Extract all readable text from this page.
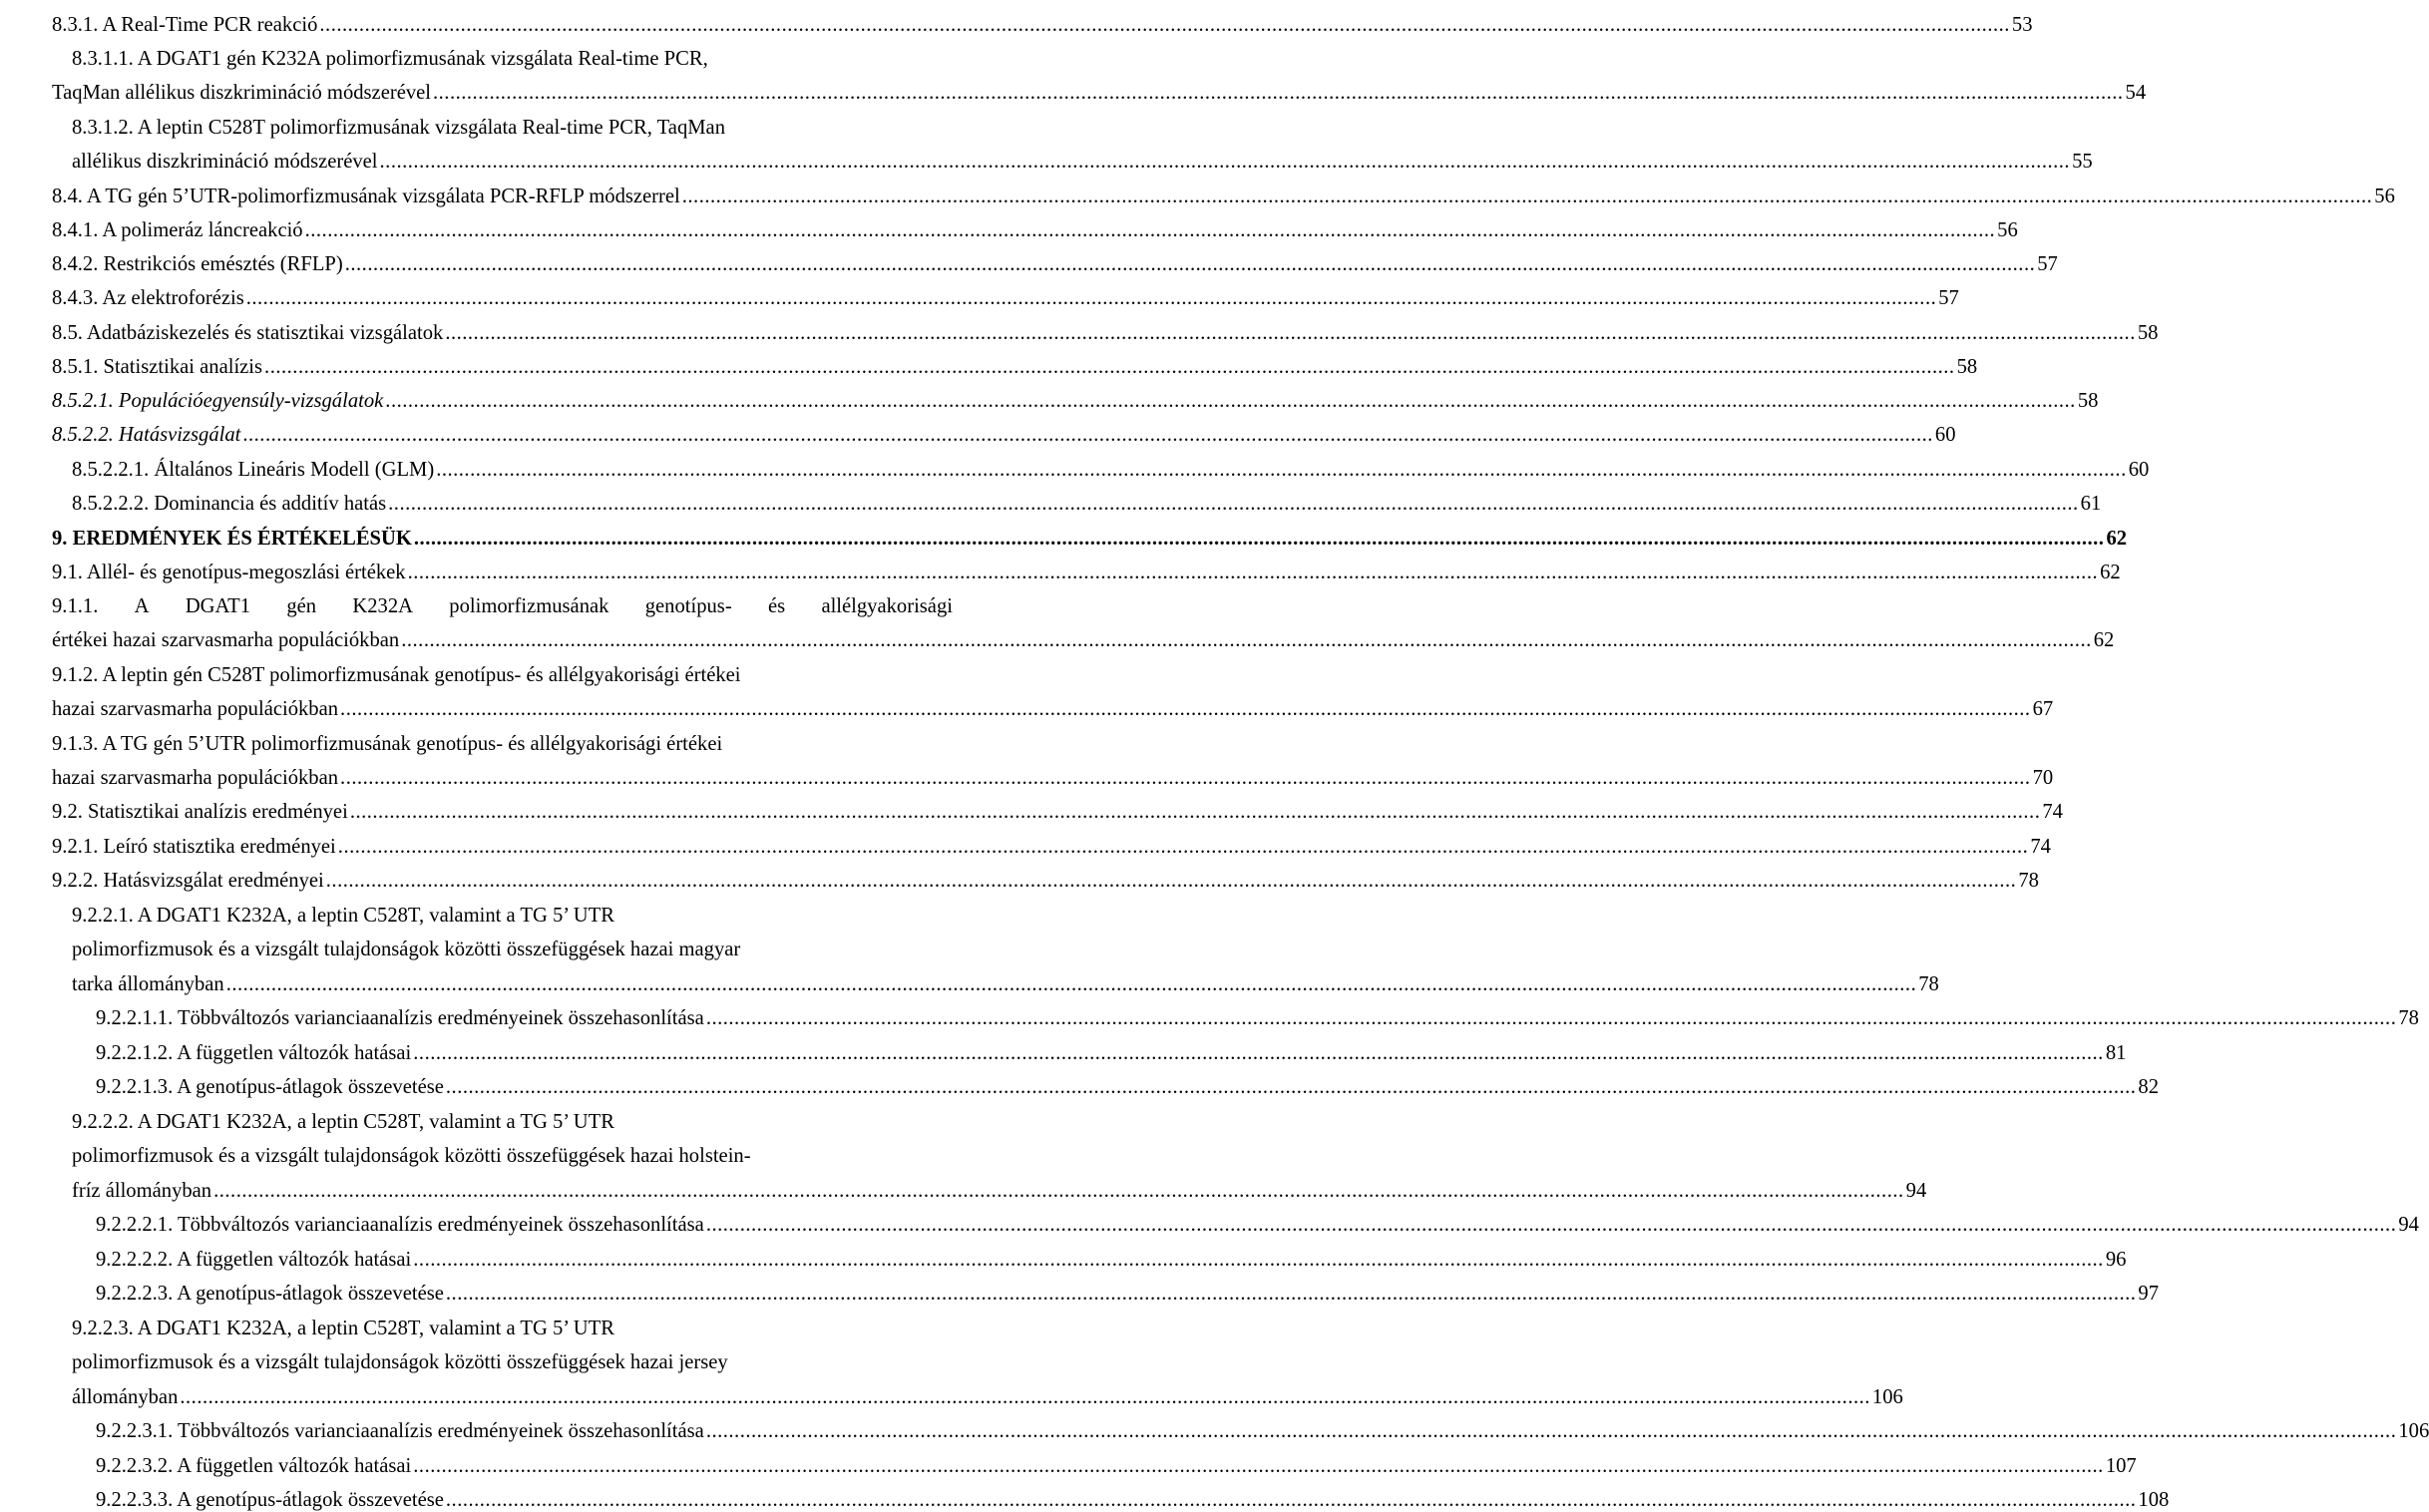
8.3.1. A Real-Time PCR reakció ............................................................................................................................................................................................................................................................................................................ 53
8.3.1.1. A DGAT1 gén K232A polimorfizmusának vizsgálata Real-time PCR,
TaqMan allélikus diszkrimináció módszerével ............................................................................................................................................................................................................................................................................................................ 54
8.3.1.2. A leptin C528T polimorfizmusának vizsgálata Real-time PCR, TaqMan
allélikus diszkrimináció módszerével ............................................................................................................................................................................................................................................................................................................ 55
8.4. A TG gén 5’UTR-polimorfizmusának vizsgálata PCR-RFLP módszerrel ............................................................................................................................................................................................................................................................................................................ 56
8.4.1. A polimeráz láncreakció ............................................................................................................................................................................................................................................................................................................ 56
8.4.2. Restrikciós emésztés (RFLP) ............................................................................................................................................................................................................................................................................................................ 57
8.4.3. Az elektroforézis ............................................................................................................................................................................................................................................................................................................ 57
8.5. Adatbáziskezelés és statisztikai vizsgálatok ............................................................................................................................................................................................................................................................................................................ 58
8.5.1. Statisztikai analízis ............................................................................................................................................................................................................................................................................................................ 58
8.5.2.1. Populációegyensúly-vizsgálatok ............................................................................................................................................................................................................................................................................................................ 58
8.5.2.2. Hatásvizsgálat ............................................................................................................................................................................................................................................................................................................ 60
8.5.2.2.1. Általános Lineáris Modell (GLM) ............................................................................................................................................................................................................................................................................................................ 60
8.5.2.2.2. Dominancia és additív hatás ............................................................................................................................................................................................................................................................................................................ 61
9. EREDMÉNYEK ÉS ÉRTÉKELÉSÜK ............................................................................................................................................................................................................................................................................................................ 62
9.1. Allél- és genotípus-megoszlási értékek ............................................................................................................................................................................................................................................................................................................ 62
9.1.1. A DGAT1 gén K232A polimorfizmusának genotípus- és allélgyakorisági
értékei hazai szarvasmarha populációkban ............................................................................................................................................................................................................................................................................................................ 62
9.1.2. A leptin gén C528T polimorfizmusának genotípus- és allélgyakorisági értékei
hazai szarvasmarha populációkban ............................................................................................................................................................................................................................................................................................................ 67
9.1.3. A TG gén 5’UTR polimorfizmusának genotípus- és allélgyakorisági értékei
hazai szarvasmarha populációkban ............................................................................................................................................................................................................................................................................................................ 70
9.2. Statisztikai analízis eredményei ............................................................................................................................................................................................................................................................................................................ 74
9.2.1. Leíró statisztika eredményei ............................................................................................................................................................................................................................................................................................................ 74
9.2.2. Hatásvizsgálat eredményei ............................................................................................................................................................................................................................................................................................................ 78
9.2.2.1. A DGAT1 K232A, a leptin C528T, valamint a TG 5’ UTR
polimorfizmusok és a vizsgált tulajdonságok közötti összefüggések hazai magyar
tarka állományban ............................................................................................................................................................................................................................................................................................................ 78
9.2.2.1.1. Többváltozós varianciaanalízis eredményeinek összehasonlítása ............................................................................................................................................................................................................................................................................................................ 78
9.2.2.1.2. A független változók hatásai ............................................................................................................................................................................................................................................................................................................ 81
9.2.2.1.3. A genotípus-átlagok összevetése ............................................................................................................................................................................................................................................................................................................ 82
9.2.2.2. A DGAT1 K232A, a leptin C528T, valamint a TG 5’ UTR
polimorfizmusok és a vizsgált tulajdonságok közötti összefüggések hazai holstein-
fríz állományban ............................................................................................................................................................................................................................................................................................................ 94
9.2.2.2.1. Többváltozós varianciaanalízis eredményeinek összehasonlítása ............................................................................................................................................................................................................................................................................................................ 94
9.2.2.2.2. A független változók hatásai ............................................................................................................................................................................................................................................................................................................ 96
9.2.2.2.3. A genotípus-átlagok összevetése ............................................................................................................................................................................................................................................................................................................ 97
9.2.2.3. A DGAT1 K232A, a leptin C528T, valamint a TG 5’ UTR
polimorfizmusok és a vizsgált tulajdonságok közötti összefüggések hazai jersey
állományban ............................................................................................................................................................................................................................................................................................................ 106
9.2.2.3.1. Többváltozós varianciaanalízis eredményeinek összehasonlítása ............................................................................................................................................................................................................................................................................................................ 106
9.2.2.3.2. A független változók hatásai ............................................................................................................................................................................................................................................................................................................ 107
9.2.2.3.3. A genotípus-átlagok összevetése ............................................................................................................................................................................................................................................................................................................ 108
